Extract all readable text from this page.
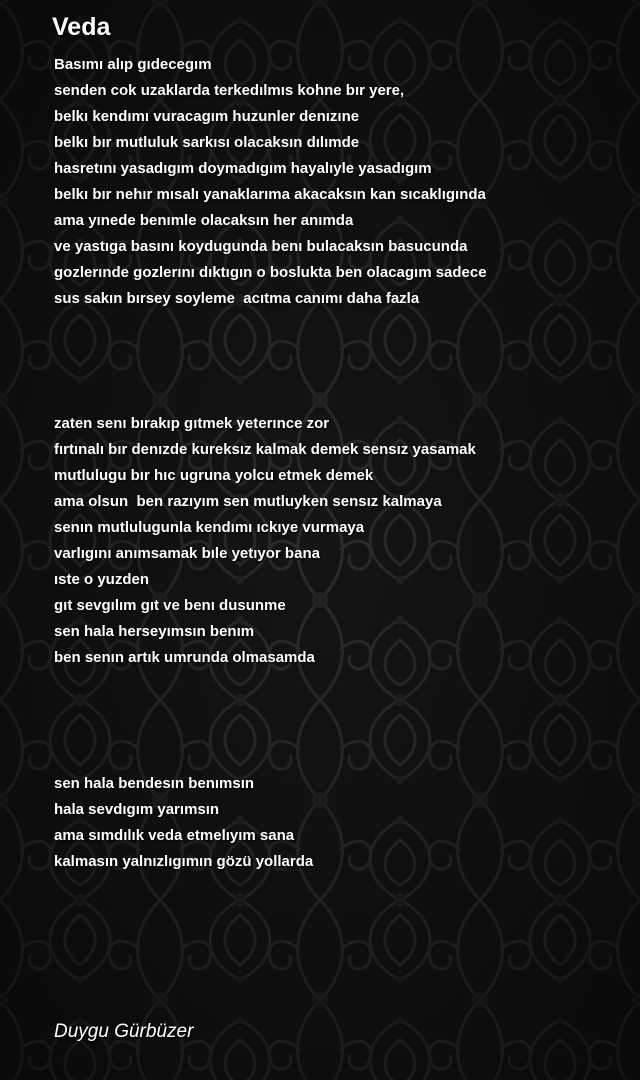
Veda
Basımı alıp gıdecegım
senden cok uzaklarda terkedılmıs kohne bır yere,
belkı kendımı vuracagım huzunler denızıne
belkı bır mutluluk sarkısı olacaksın dılımde
hasretını yasadıgım doymadıgım hayalıyle yasadıgım
belkı bır nehır mısalı yanaklarıma akacaksın kan sıcaklıgında
ama yınede benımle olacaksın her anımda
ve yastıga basını koydugunda benı bulacaksın basucunda
gozlerınde gozlerını dıktıgın o boslukta ben olacagım sadece
sus sakın bırsey soyleme  acıtma canımı daha fazla
zaten senı bırakıp gıtmek yeterınce zor
fırtınalı bır denızde kureksız kalmak demek sensız yasamak
mutlulugu bır hıc ugruna yolcu etmek demek
ama olsun  ben razıyım sen mutluyken sensız kalmaya
senın mutlulugunla kendımı ıckıye vurmaya
varlıgını anımsamak bıle yetıyor bana
ıste o yuzden
gıt sevgılım gıt ve benı dusunme
sen hala herseyımsın benım
ben senın artık umrunda olmasamda
sen hala bendesın benımsın
hala sevdıgım yarımsın
ama sımdılık veda etmelıyım sana
kalmasın yalnızlıgımın gözü yollarda

Duygu Gürbüzer
